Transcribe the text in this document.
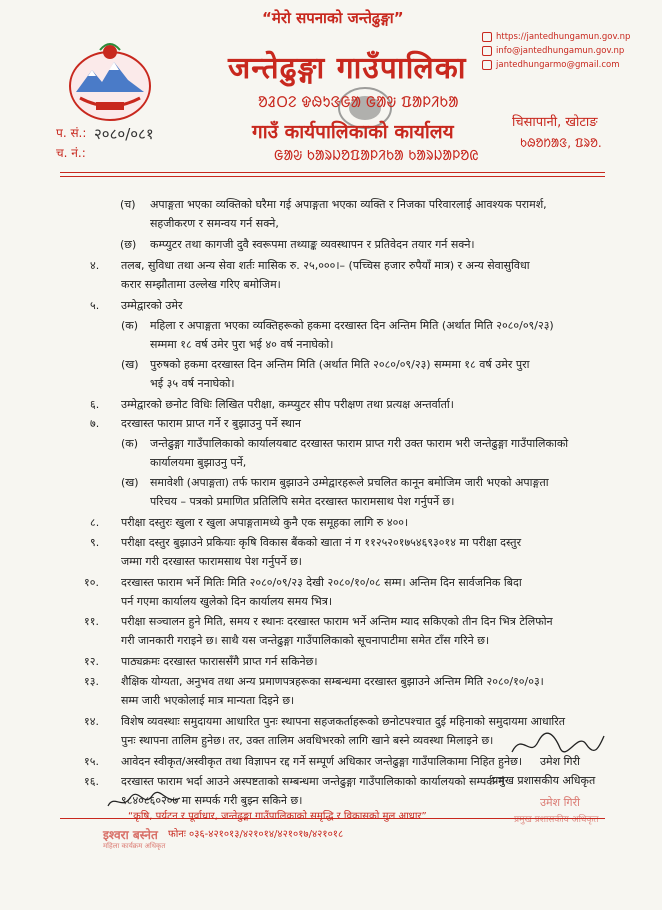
“मेरो सपनाको जन्तेढुङ्गा”
जन्तेढुङ्गा गाउँपालिका
ᱚᱲᱛᱮ ᱫᱷᱩᱝᱜᱟ ᱜᱟᱶ ᱯᱟᱞᱤᱠᱟ
गाउँ कार्यपालिकाको कार्यालय
ᱜᱟᱶ ᱠᱟᱨᱡᱚᱯᱟᱞᱤᱠᱟ ᱠᱟᱨᱡᱟᱞᱚᱭ
https://jantedhungamun.gov.np
info@jantedhungamun.gov.np
jantedhungarmo@gmail.com
प. सं.:
च. नं.:
२०८०/०८१
चिसापानी, खोटाङ
ᱠᱷᱚᱴᱟᱝ, ᱯᱨᱚ.
(च) अपाङ्गता भएका व्यक्तिको घरैमा गई अपाङ्गता भएका व्यक्ति र निजका परिवारलाई आवश्यक परामर्श,
सहजीकरण र समन्वय गर्न सक्ने,
(छ) कम्प्युटर तथा कागजी दुवै स्वरूपमा तथ्याङ्क व्यवस्थापन र प्रतिवेदन तयार गर्न सक्ने।
४. तलब, सुविधा तथा अन्य सेवा शर्तः मासिक रु. २५,०००।– (पच्चिस हजार रुपैयाँ मात्र) र अन्य सेवासुविधा
करार सम्झौतामा उल्लेख गरिए बमोजिम।
५. उम्मेद्वारको उमेर
(क) महिला र अपाङ्गता भएका व्यक्तिहरूको हकमा दरखास्त दिन अन्तिम मिति (अर्थात मिति २०८०/०९/२३)
सम्ममा १८ वर्ष उमेर पुरा भई ४० वर्ष ननाघेको।
(ख) पुरुषको हकमा दरखास्त दिन अन्तिम मिति (अर्थात मिति २०८०/०९/२३) सम्ममा १८ वर्ष उमेर पुरा
भई ३५ वर्ष ननाघेको।
६. उम्मेद्वारको छनोट विधिः लिखित परीक्षा, कम्प्युटर सीप परीक्षण तथा प्रत्यक्ष अन्तर्वार्ता।
७. दरखास्त फाराम प्राप्त गर्ने र बुझाउनु पर्ने स्थान
(क) जन्तेढुङ्गा गाउँपालिकाको कार्यालयबाट दरखास्त फाराम प्राप्त गरी उक्त फाराम भरी जन्तेढुङ्गा गाउँपालिकाको
कार्यालयमा बुझाउनु पर्ने,
(ख) समावेशी (अपाङ्गता) तर्फ फाराम बुझाउने उम्मेद्वारहरूले प्रचलित कानून बमोजिम जारी भएको अपाङ्गता
परिचय – पत्रको प्रमाणित प्रतिलिपि समेत दरखास्त फारामसाथ पेश गर्नुपर्ने छ।
८. परीक्षा दस्तुरः खुला र खुला अपाङ्गतामध्ये कुनै एक समूहका लागि रु ४००।
९. परीक्षा दस्तुर बुझाउने प्रकियाः कृषि विकास बैंकको खाता नं ग ११२५२०१७५४६९३०१४ मा परीक्षा दस्तुर
जम्मा गरी दरखास्त फारामसाथ पेश गर्नुपर्ने छ।
१०. दरखास्त फाराम भर्ने मितिः मिति २०८०/०९/२३ देखी २०८०/१०/०८ सम्म। अन्तिम दिन सार्वजनिक बिदा
पर्न गएमा कार्यालय खुलेको दिन कार्यालय समय भित्र।
११. परीक्षा सञ्चालन हुने मिति, समय र स्थानः दरखास्त फाराम भर्ने अन्तिम म्याद सकिएको तीन दिन भित्र टेलिफोन
गरी जानकारी गराइने छ। साथै यस जन्तेढुङ्गा गाउँपालिकाको सूचनापाटीमा समेत टाँस गरिने छ।
१२. पाठ्यक्रमः दरखास्त फाराससँगै प्राप्त गर्न सकिनेछ।
१३. शैक्षिक योग्यता, अनुभव तथा अन्य प्रमाणपत्रहरूका सम्बन्धमा दरखास्त बुझाउने अन्तिम मिति २०८०/१०/०३।
सम्म जारी भएकोलाई मात्र मान्यता दिइने छ।
१४. विशेष व्यवस्थाः समुदायमा आधारित पुनः स्थापना सहजकर्ताहरूको छनोटपश्चात दुई महिनाको समुदायमा आधारित
पुनः स्थापना तालिम हुनेछ। तर, उक्त तालिम अवधिभरको लागि खाने बस्ने व्यवस्था मिलाइने छ।
१५. आवेदन स्वीकृत/अस्वीकृत तथा विज्ञापन रद्द गर्ने सम्पूर्ण अधिकार जन्तेढुङ्गा गाउँपालिकामा निहित हुनेछ।
१६. दरखास्त फाराम भर्दा आउने अस्पष्टताको सम्बन्धमा जन्तेढुङ्गा गाउँपालिकाको कार्यालयको सम्पर्क नं
९८४०८६०२०७ मा सम्पर्क गरी बुझ्न सकिने छ।
उमेश गिरी
प्रमुख प्रशासकीय अधिकृत
उमेश गिरी
प्रमुख प्रशासकीय अधिकृत
“कृषि, पर्यटन र पूर्वाधार, जन्तेढुङ्गा गाउँपालिकाको समृद्धि र विकासको मुल आधार”
फोनः ०३६-४२१०१३/४२१०१४/४२१०१७/४२१०१८
इश्वरा बस्नेत
महिला कार्यक्रम अधिकृत
